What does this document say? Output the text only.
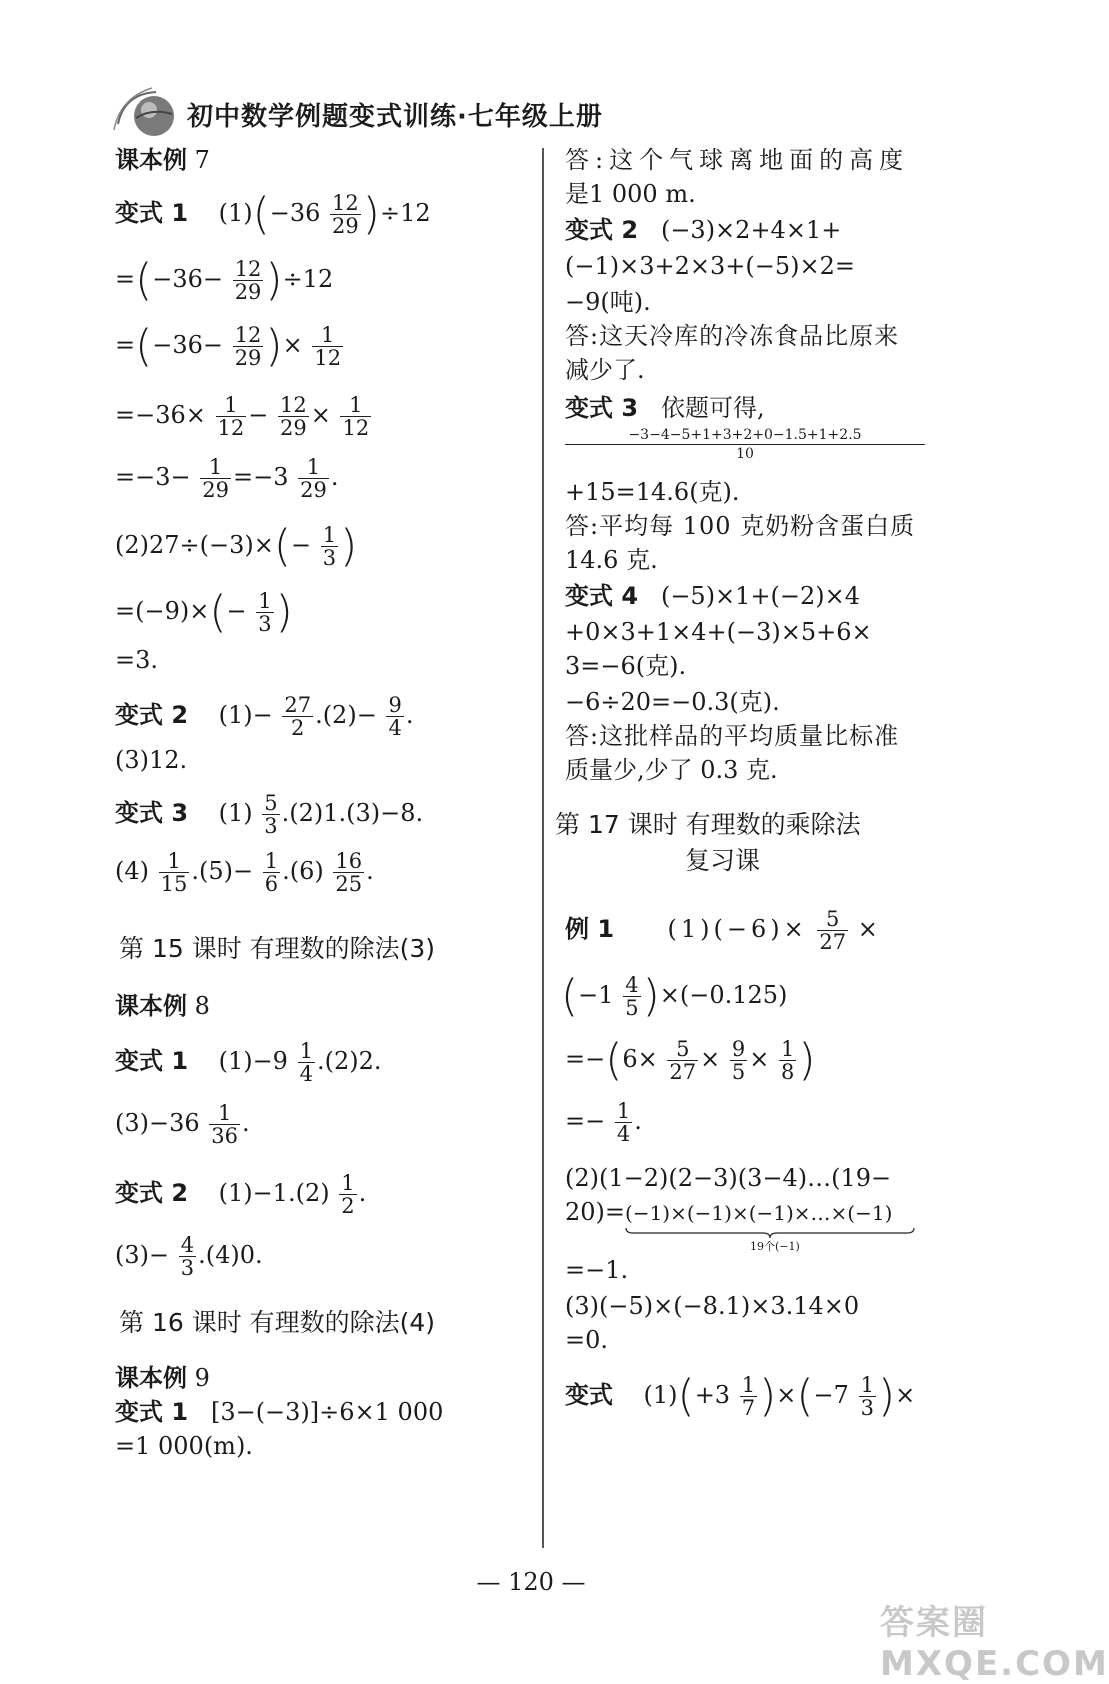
初中数学例题变式训练·七年级上册
课本例 7
变式 1 $(1)(-36 \frac{12}{29} )\div 12$
$=(-36- \frac{12}{29} )\div 12$
$=(-36- \frac{12}{29}$ )× $\frac{1}{12}$
$=-36\times \frac{1}{12} - \frac{12}{29} \times \frac{1}{12}$
$=-3- \frac{1}{29} =-3 \frac{1}{29}$ .
$(2)27\div(-3)\times(- \frac{1}{3}$ )
$=(-9)\times(- \frac{1}{3}$ )
=3.
变式 2 $(1)- \frac{27}{2} .(2)- \frac{9}{4}$ .
(3)12.
变式 3 $(1) \frac{5}{3} .(2)1.(3)-8$.
$(4) \frac{1}{15} .(5)- \frac{1}{6} .(6) \frac{16}{25}$ .
第 15 课时 有理数的除法(3)
课本例 8
变式 1 $(1)-9 \frac{1}{4} .(2)2$.
$(3)-36 \frac{1}{36}$ .
变式 2 $(1)-1.(2) \frac{1}{2}$ .
$(3)- \frac{4}{3} .(4)0$.
第 16 课时 有理数的除法(4)
课本例 9
变式 1 [3−(−3)]÷6×1 000
=1 000(m).
答:这个气球离地面的高度
是1 000 m.
变式 2 (−3)×2+4×1+
(−1)×3+2×3+(−5)×2=
−9(吨).
答:这天冷库的冷冻食品比原来
减少了.
变式 3 依题可得,
−3−4−5+1+3+2+0−1.5+1+2.5
10
+15=14.6(克).
答:平均每 100 克奶粉含蛋白质
14.6 克.
变式 4 (−5)×1+(−2)×4
+0×3+1×4+(−3)×5+6×
3=−6(克).
−6÷20=−0.3(克).
答:这批样品的平均质量比标准
质量少,少了 0.3 克.
第 17 课时 有理数的乘除法
复习课
例 1 $(1)(-6)\times \frac{5}{27}$ ×
$(-1 \frac{4}{5} )\times(-0.125)$
$=-(6\times \frac{5}{27} \times \frac{9}{5} \times \frac{1}{8}$ )
=− $\frac{1}{4}$ .
(2)(1−2)(2−3)(3−4)…(19−
20)=(−1)×(−1)×(−1)×…×(−1)
19个(−1)
=−1.
(3)(−5)×(−8.1)×3.14×0
=0.
变式 $(1)(+3 \frac{1}{7} )\times(-7 \frac{1}{3}$ )×
— 120 —
答案圈 MXQE.COM
